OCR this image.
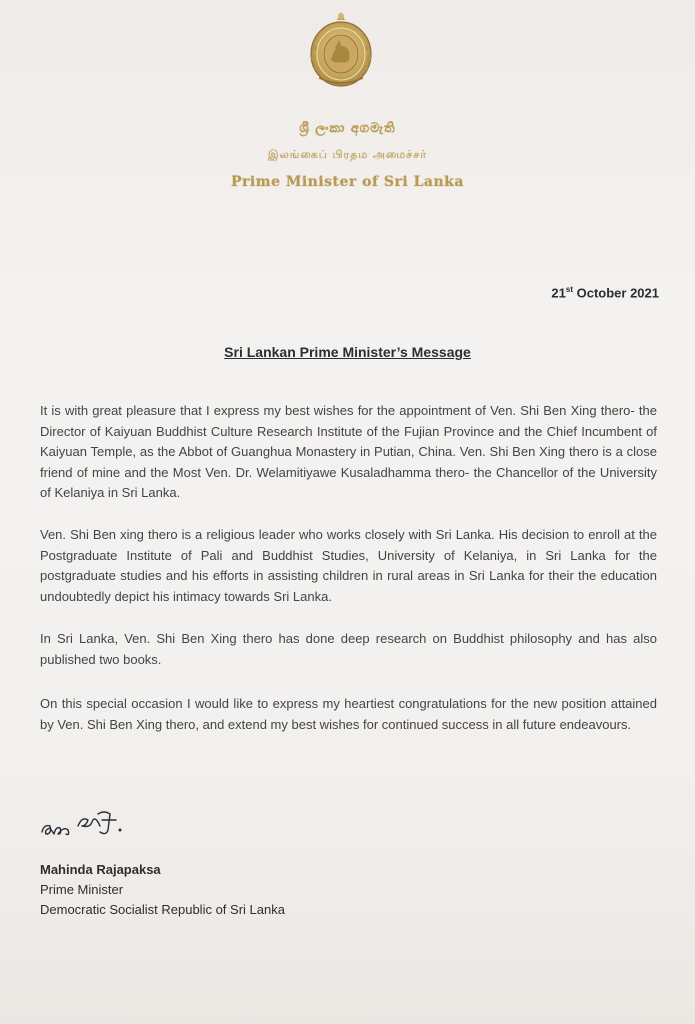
ශ්‍රී ලංකා අගමැති
இலங்கைப் பிரதம அமைச்சர்
Prime Minister of Sri Lanka
21st October 2021
Sri Lankan Prime Minister’s Message

It is with great pleasure that I express my best wishes for the appointment of Ven. Shi Ben Xing thero- the Director of Kaiyuan Buddhist Culture Research Institute of the Fujian Province and the Chief Incumbent of Kaiyuan Temple, as the Abbot of Guanghua Monastery in Putian, China. Ven. Shi Ben Xing thero is a close friend of mine and the Most Ven. Dr. Welamitiyawe Kusaladhamma thero- the Chancellor of the University of Kelaniya in Sri Lanka.

Ven. Shi Ben xing thero is a religious leader who works closely with Sri Lanka. His decision to enroll at the Postgraduate Institute of Pali and Buddhist Studies, University of Kelaniya, in Sri Lanka for the postgraduate studies and his efforts in assisting children in rural areas in Sri Lanka for their the education undoubtedly depict his intimacy towards Sri Lanka.

In Sri Lanka, Ven. Shi Ben Xing thero has done deep research on Buddhist philosophy and has also published two books.

On this special occasion I would like to express my heartiest congratulations for the new position attained by Ven. Shi Ben Xing thero, and extend my best wishes for continued success in all future endeavours.

Mahinda Rajapaksa
Prime Minister
Democratic Socialist Republic of Sri Lanka
